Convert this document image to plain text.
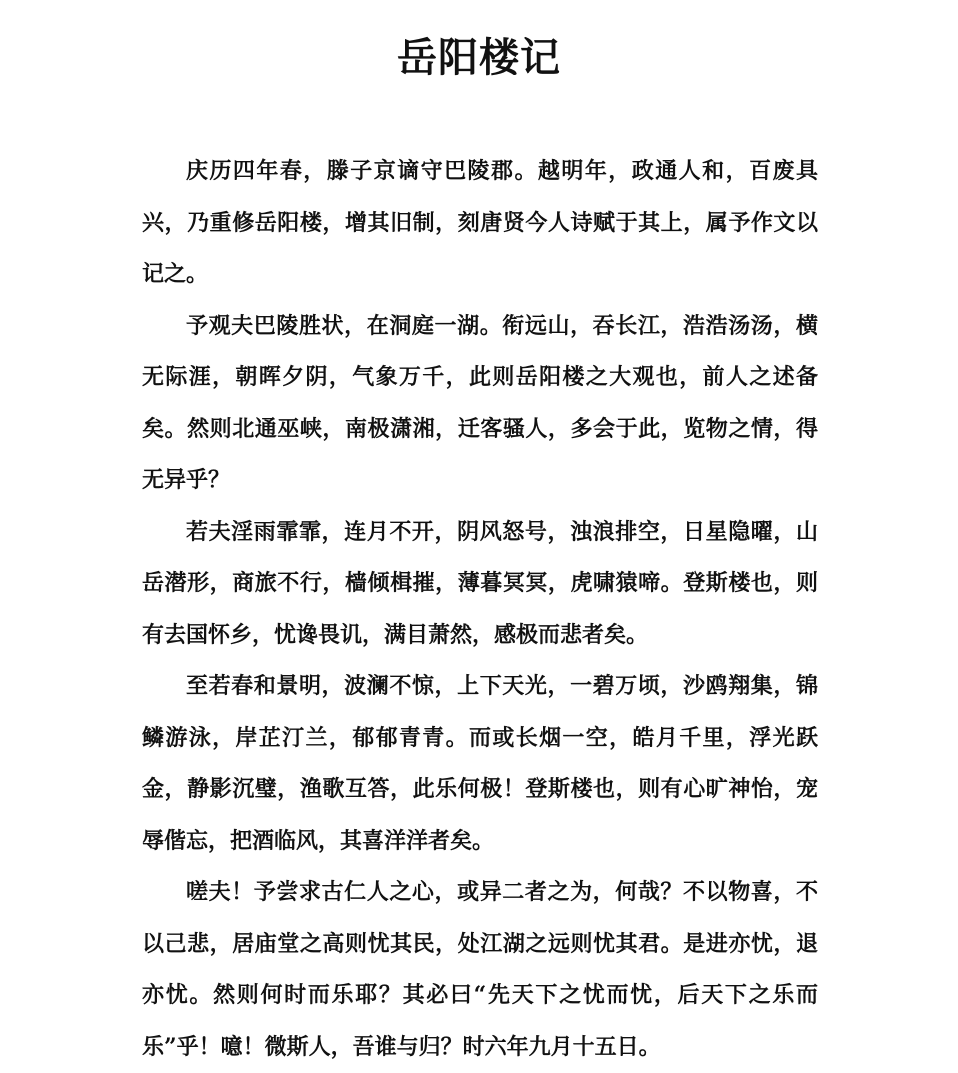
岳阳楼记

庆历四年春，滕子京谪守巴陵郡。越明年，政通人和，百废具兴，乃重修岳阳楼，增其旧制，刻唐贤今人诗赋于其上，属予作文以记之。

予观夫巴陵胜状，在洞庭一湖。衔远山，吞长江，浩浩汤汤，横无际涯，朝晖夕阴，气象万千，此则岳阳楼之大观也，前人之述备矣。然则北通巫峡，南极潇湘，迁客骚人，多会于此，览物之情，得无异乎？

若夫淫雨霏霏，连月不开，阴风怒号，浊浪排空，日星隐曜，山岳潜形，商旅不行，樯倾楫摧，薄暮冥冥，虎啸猿啼。登斯楼也，则有去国怀乡，忧谗畏讥，满目萧然，感极而悲者矣。

至若春和景明，波澜不惊，上下天光，一碧万顷，沙鸥翔集，锦鳞游泳，岸芷汀兰，郁郁青青。而或长烟一空，皓月千里，浮光跃金，静影沉璧，渔歌互答，此乐何极！登斯楼也，则有心旷神怡，宠辱偕忘，把酒临风，其喜洋洋者矣。

嗟夫！予尝求古仁人之心，或异二者之为，何哉？不以物喜，不以己悲，居庙堂之高则忧其民，处江湖之远则忧其君。是进亦忧，退亦忧。然则何时而乐耶？其必曰“先天下之忧而忧，后天下之乐而乐”乎！噫！微斯人，吾谁与归？时六年九月十五日。
